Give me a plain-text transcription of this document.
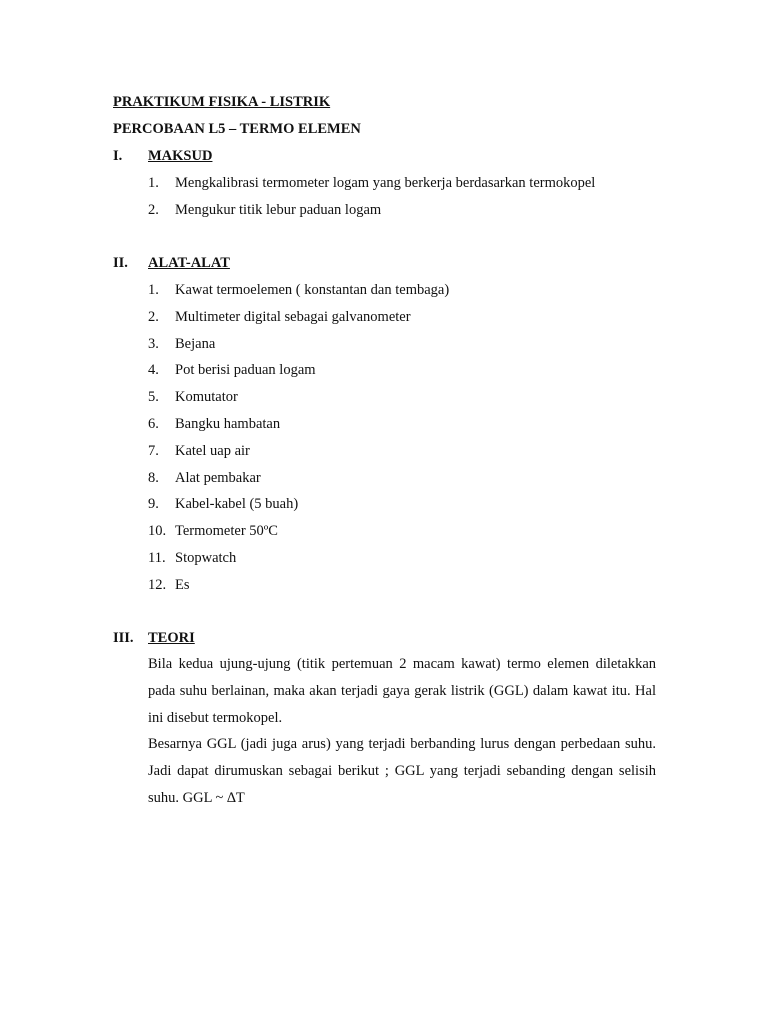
PRAKTIKUM FISIKA - LISTRIK
PERCOBAAN L5 – TERMO ELEMEN
I. MAKSUD
1. Mengkalibrasi termometer logam yang berkerja berdasarkan termokopel
2. Mengukur titik lebur paduan logam
II. ALAT-ALAT
1. Kawat termoelemen ( konstantan dan tembaga)
2. Multimeter digital sebagai galvanometer
3. Bejana
4. Pot berisi paduan logam
5. Komutator
6. Bangku hambatan
7. Katel uap air
8. Alat pembakar
9. Kabel-kabel (5 buah)
10. Termometer 50ºC
11. Stopwatch
12. Es
III. TEORI

Bila kedua ujung-ujung (titik pertemuan 2 macam kawat) termo elemen diletakkan pada suhu berlainan, maka akan terjadi gaya gerak listrik (GGL) dalam kawat itu. Hal ini disebut termokopel.

Besarnya GGL (jadi juga arus) yang terjadi berbanding lurus dengan perbedaan suhu. Jadi dapat dirumuskan sebagai berikut ; GGL yang terjadi sebanding dengan selisih suhu. GGL ~ ∆T
